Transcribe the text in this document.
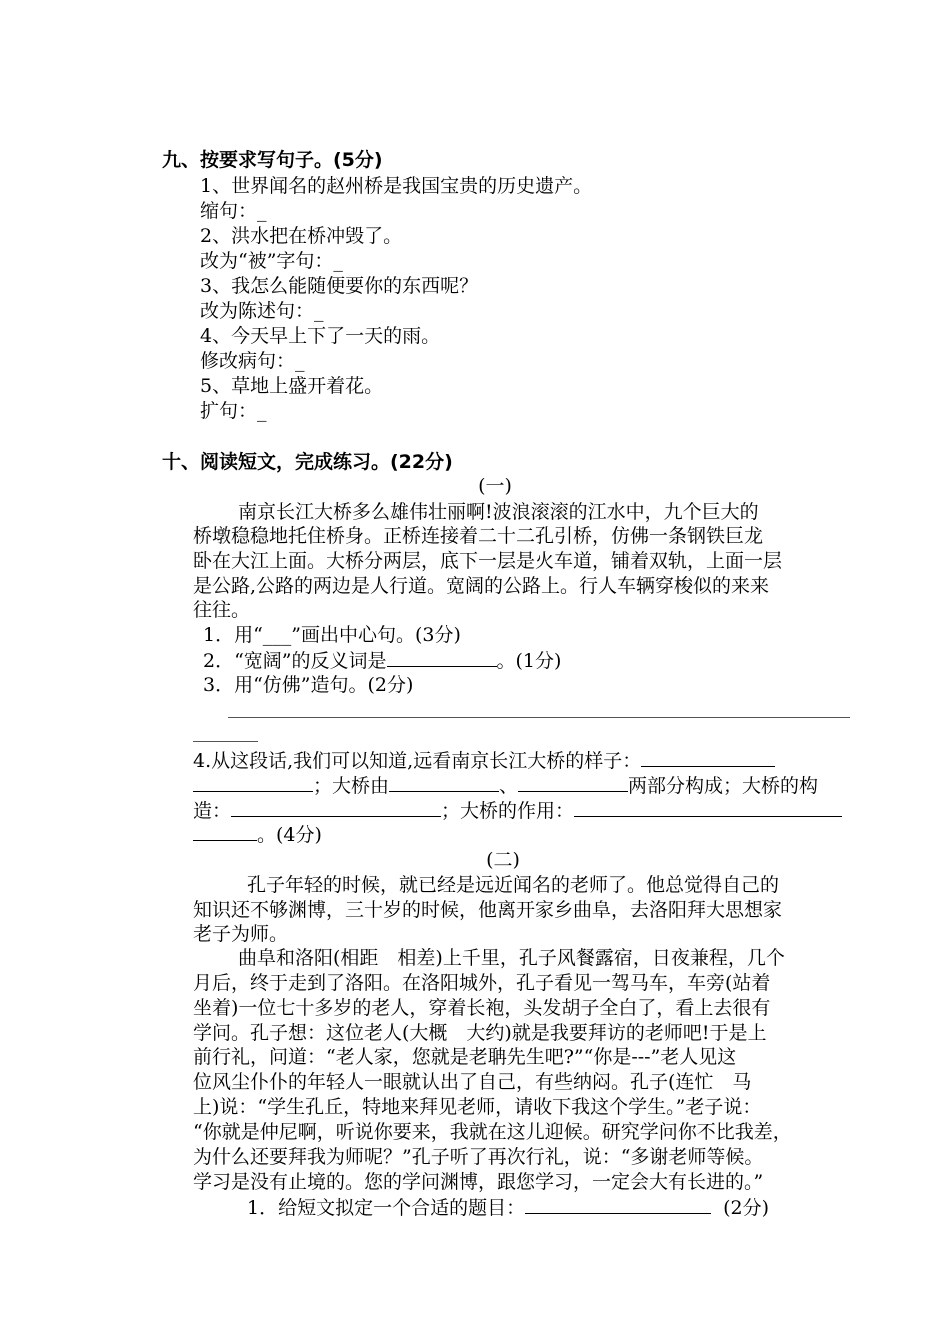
九、按要求写句子。(5分)
1、世界闻名的赵州桥是我国宝贵的历史遗产。
缩句：_
2、洪水把在桥冲毁了。
改为“被”字句：_
3、我怎么能随便要你的东西呢？
改为陈述句：_
4、今天早上下了一天的雨。
修改病句：_
5、草地上盛开着花。
扩句：_
十、阅读短文，完成练习。(22分)
(一)
南京长江大桥多么雄伟壮丽啊!波浪滚滚的江水中，九个巨大的
桥墩稳稳地托住桥身。正桥连接着二十二孔引桥，仿佛一条钢铁巨龙
卧在大江上面。大桥分两层，底下一层是火车道，铺着双轨，上面一层
是公路,公路的两边是人行道。宽阔的公路上。行人车辆穿梭似的来来
往往。
1．用“___”画出中心句。(3分)
2．“宽阔”的反义词是	。(1分)
3．用“仿佛”造句。(2分)
4.从这段话,我们可以知道,远看南京长江大桥的样子：
；大桥由	、	两部分构成；大桥的构
造：	；大桥的作用：
。(4分)
(二)
孔子年轻的时候，就已经是远近闻名的老师了。他总觉得自己的
知识还不够渊博，三十岁的时候，他离开家乡曲阜，去洛阳拜大思想家
老子为师。
曲阜和洛阳(相距　相差)上千里，孔子风餐露宿，日夜兼程，几个
月后，终于走到了洛阳。在洛阳城外，孔子看见一驾马车，车旁(站着
坐着)一位七十多岁的老人，穿着长袍，头发胡子全白了，看上去很有
学问。孔子想：这位老人(大概　大约)就是我要拜访的老师吧!于是上
前行礼，问道：“老人家，您就是老聃先生吧?”“你是---”老人见这
位风尘仆仆的年轻人一眼就认出了自己，有些纳闷。孔子(连忙　马
上)说：“学生孔丘，特地来拜见老师，请收下我这个学生。”老子说：
“你就是仲尼啊，听说你要来，我就在这儿迎候。研究学问你不比我差，
为什么还要拜我为师呢？”孔子听了再次行礼，说：“多谢老师等候。
学习是没有止境的。您的学问渊博，跟您学习，一定会大有长进的。”
1．给短文拟定一个合适的题目：	(2分)
